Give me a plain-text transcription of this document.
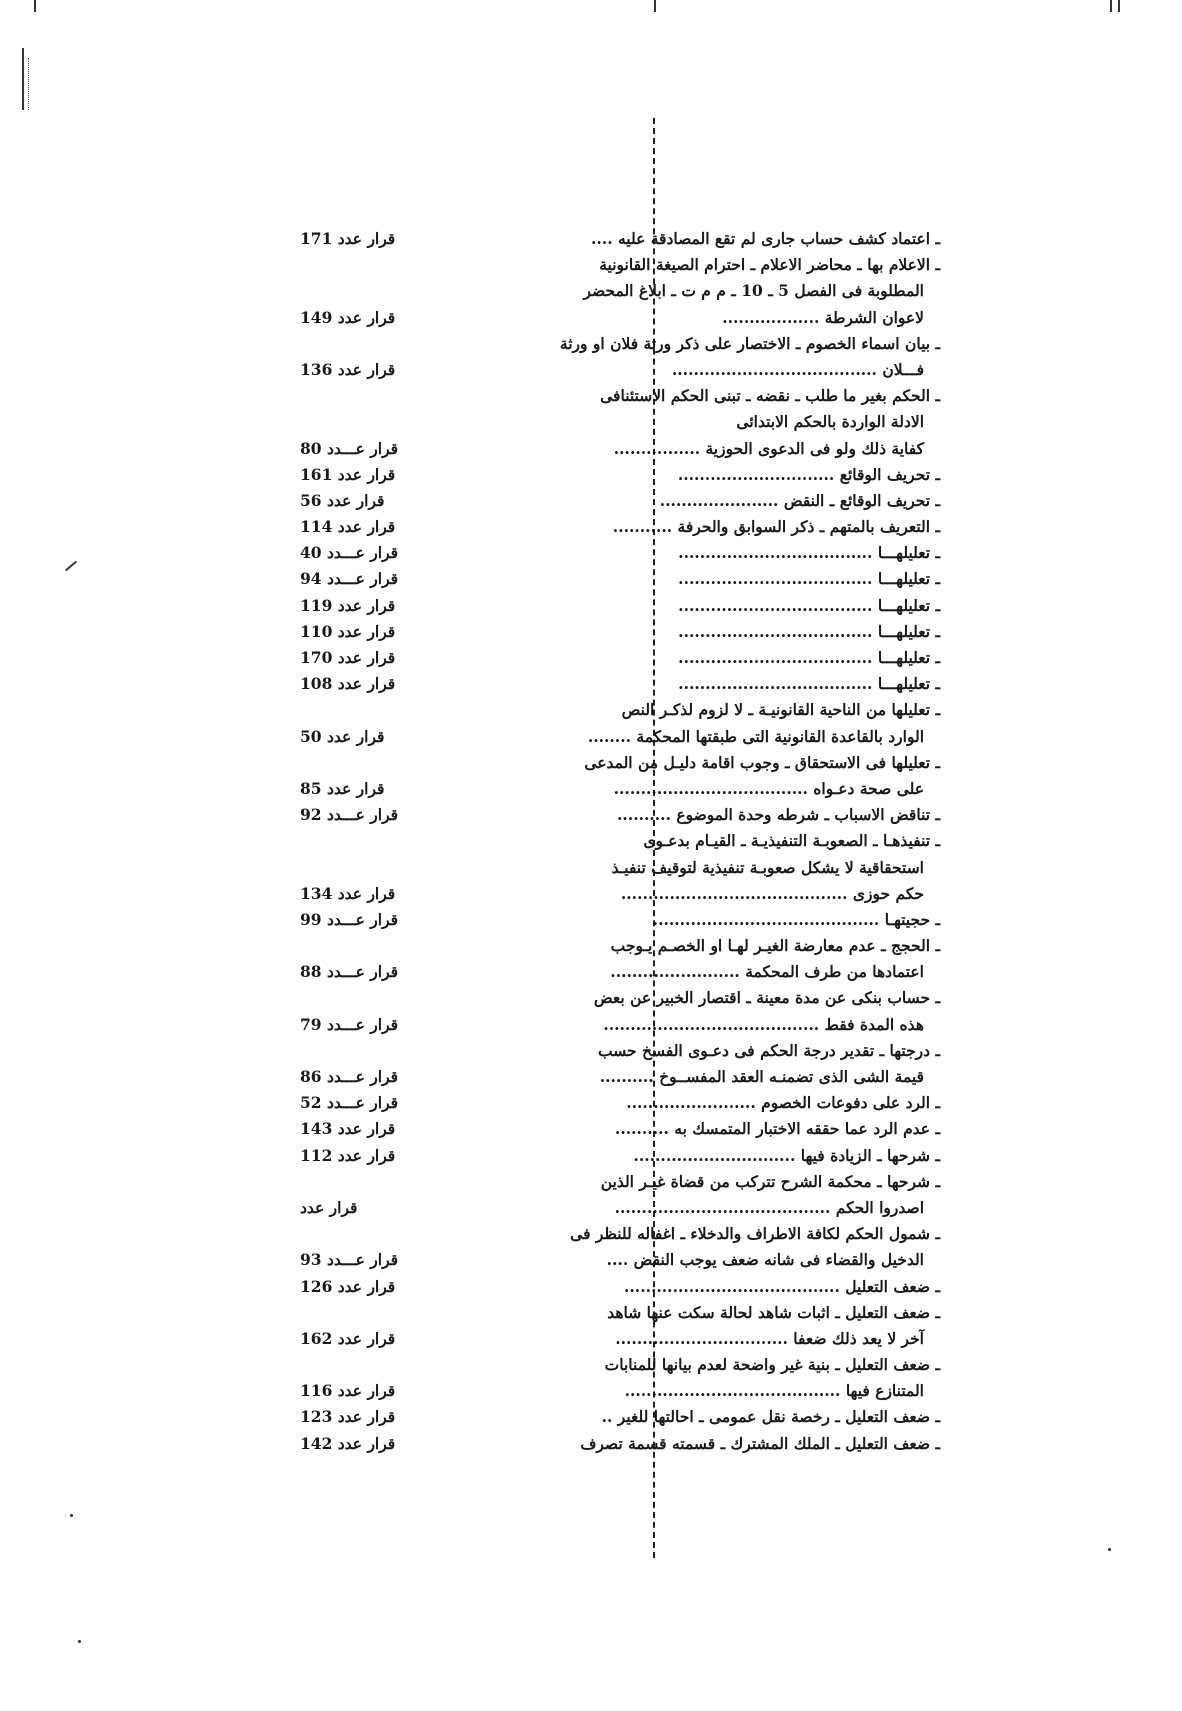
ـ اعتماد كشف حساب جارى لم تقع المصادقة عليه ....
قرار عدد 171
ـ الاعلام بها ـ محاضر الاعلام ـ احترام الصيغة القانونية
المطلوبة فى الفصل 5 ـ 10 ـ م م ت ـ ابلاغ المحضر
لاعوان الشرطة ..................
قرار عدد 149
ـ بيان اسماء الخصوم ـ الاختصار على ذكر ورثة فلان او ورثة
فـــلان ......................................
قرار عدد 136
ـ الحكم بغير ما طلب ـ نقضه ـ تبنى الحكم الاستئنافى
الادلة الواردة بالحكم الابتدائى
كفاية ذلك ولو فى الدعوى الحوزية ................
قرار عـــدد 80
ـ تحريف الوقائع .............................
قرار عدد 161
ـ تحريف الوقائع ـ النقض ......................
قرار عدد 56
ـ التعريف بالمتهم ـ ذكر السوابق والحرفة ...........
قرار عدد 114
ـ تعليلهـــا ....................................
قرار عـــدد 40
ـ تعليلهـــا ....................................
قرار عـــدد 94
ـ تعليلهـــا ....................................
قرار عدد 119
ـ تعليلهـــا ....................................
قرار عدد 110
ـ تعليلهـــا ....................................
قرار عدد 170
ـ تعليلهـــا ....................................
قرار عدد 108
ـ تعليلها من الناحية القانونيـة ـ لا لزوم لذكـر النص
الوارد بالقاعدة القانونية التى طبقتها المحكمة ........
قرار عدد 50
ـ تعليلها فى الاستحقاق ـ وجوب اقامة دليـل من المدعى
على صحة دعـواه ....................................
قرار عدد 85
ـ تناقض الاسباب ـ شرطه وحدة الموضوع ..........
قرار عـــدد 92
ـ تنفيذهـا ـ الصعوبـة التنفيذيـة ـ القيـام بدعـوى
استحقاقية لا يشكل صعوبـة تنفيذية لتوقيف تنفيـذ
حكم حوزى ..........................................
قرار عدد 134
ـ حجيتهـا ..........................................
قرار عـــدد 99
ـ الحجج ـ عدم معارضة الغيـر لهـا او الخصـم يـوجب
اعتمادها من طرف المحكمة ........................
قرار عـــدد 88
ـ حساب بنكى عن مدة معينة ـ اقتصار الخبير عن بعض
هذه المدة فقط ........................................
قرار عـــدد 79
ـ درجتها ـ تقدير درجة الحكم فى دعـوى الفسخ حسب
قيمة الشى الذى تضمنـه العقد المفســوخ ..........
قرار عـــدد 86
ـ الرد على دفوعات الخصوم ........................
قرار عـــدد 52
ـ عدم الرد عما حققه الاختبار المتمسك به ..........
قرار عدد 143
ـ شرحها ـ الزيادة فيها ..............................
قرار عدد 112
ـ شرحها ـ محكمة الشرح تتركب من قضاة غيـر الذين
اصدروا الحكم ........................................
قرار عدد
ـ شمول الحكم لكافة الاطراف والدخلاء ـ اغفاله للنظر فى
الدخيل والقضاء فى شانه ضعف يوجب النقض ....
قرار عـــدد 93
ـ ضعف التعليل ........................................
قرار عدد 126
ـ ضعف التعليل ـ اثبات شاهد لحالة سكت عنها شاهد
آخر لا يعد ذلك ضعفا ................................
قرار عدد 162
ـ ضعف التعليل ـ بنية غير واضحة لعدم بيانها للمنابات
المتنازع فيها ........................................
قرار عدد 116
ـ ضعف التعليل ـ رخصة نقل عمومى ـ احالتها للغير ..
قرار عدد 123
ـ ضعف التعليل ـ الملك المشترك ـ قسمته قسمة تصرف
قرار عدد 142
